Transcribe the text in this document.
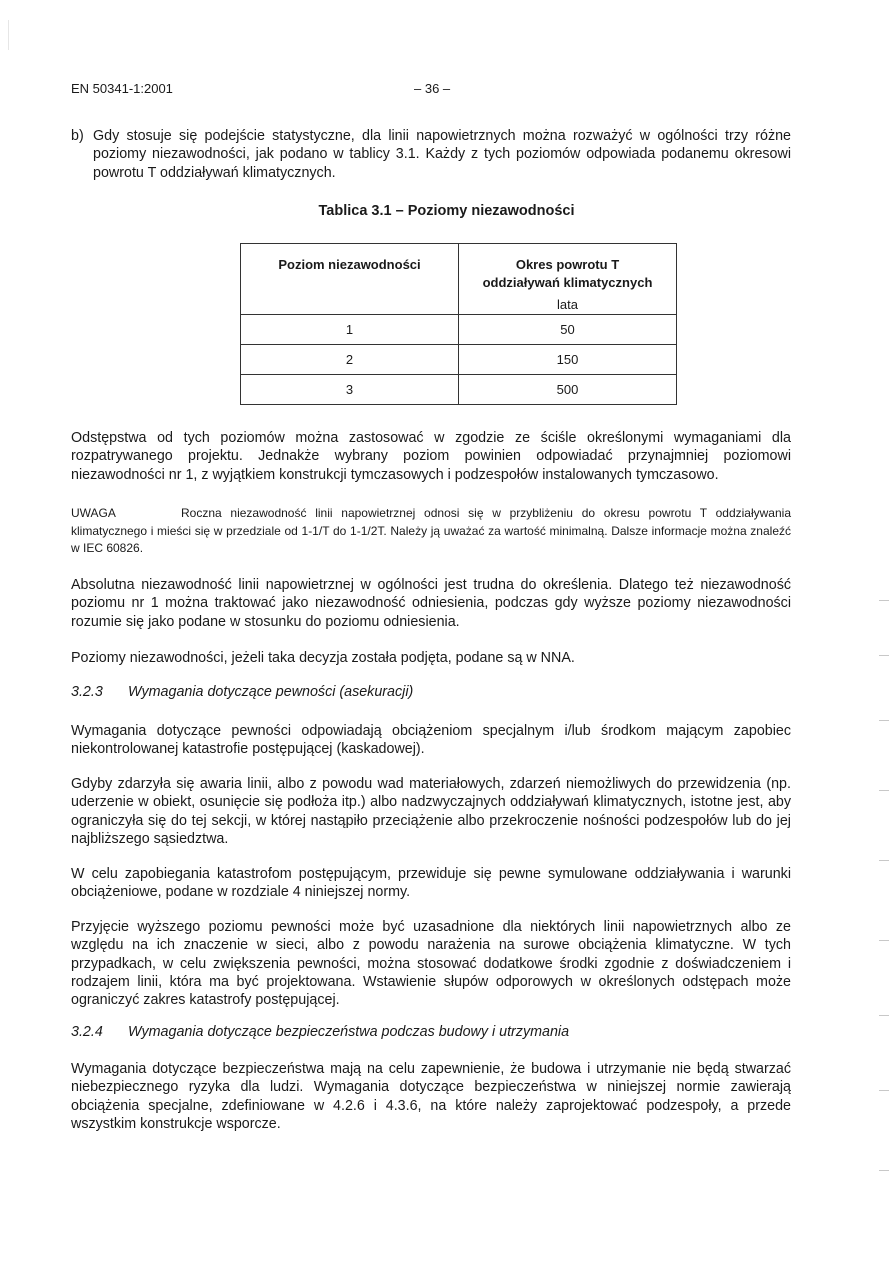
EN 50341-1:2001	– 36 –
b) Gdy stosuje się podejście statystyczne, dla linii napowietrznych można rozważyć w ogólności trzy różne poziomy niezawodności, jak podano w tablicy 3.1. Każdy z tych poziomów odpowiada podanemu okresowi powrotu T oddziaływań klimatycznych.
Tablica 3.1 – Poziomy niezawodności
Poziom niezawodności	Okres powrotu T
oddziaływań klimatycznych
lata

1	50
2	150
3	500
Odstępstwa od tych poziomów można zastosować w zgodzie ze ściśle określonymi wymaganiami dla rozpatrywanego projektu. Jednakże wybrany poziom powinien odpowiadać przynajmniej poziomowi niezawodności nr 1, z wyjątkiem konstrukcji tymczasowych i podzespołów instalowanych tymczasowo.
UWAGA	Roczna niezawodność linii napowietrznej odnosi się w przybliżeniu do okresu powrotu T oddziaływania klimatycznego i mieści się w przedziale od 1-1/T do 1-1/2T. Należy ją uważać za wartość minimalną. Dalsze informacje można znaleźć w IEC 60826.
Absolutna niezawodność linii napowietrznej w ogólności jest trudna do określenia. Dlatego też niezawodność poziomu nr 1 można traktować jako niezawodność odniesienia, podczas gdy wyższe poziomy niezawodności rozumie się jako podane w stosunku do poziomu odniesienia.
Poziomy niezawodności, jeżeli taka decyzja została podjęta, podane są w NNA.
3.2.3 Wymagania dotyczące pewności (asekuracji)
Wymagania dotyczące pewności odpowiadają obciążeniom specjalnym i/lub środkom mającym zapobiec niekontrolowanej katastrofie postępującej (kaskadowej).
Gdyby zdarzyła się awaria linii, albo z powodu wad materiałowych, zdarzeń niemożliwych do przewidzenia (np. uderzenie w obiekt, osunięcie się podłoża itp.) albo nadzwyczajnych oddziaływań klimatycznych, istotne jest, aby ograniczyła się do tej sekcji, w której nastąpiło przeciążenie albo przekroczenie nośności podzespołów lub do jej najbliższego sąsiedztwa.
W celu zapobiegania katastrofom postępującym, przewiduje się pewne symulowane oddziaływania i warunki obciążeniowe, podane w rozdziale 4 niniejszej normy.
Przyjęcie wyższego poziomu pewności może być uzasadnione dla niektórych linii napowietrznych albo ze względu na ich znaczenie w sieci, albo z powodu narażenia na surowe obciążenia klimatyczne. W tych przypadkach, w celu zwiększenia pewności, można stosować dodatkowe środki zgodnie z doświadczeniem i rodzajem linii, która ma być projektowana. Wstawienie słupów odporowych w określonych odstępach może ograniczyć zakres katastrofy postępującej.
3.2.4 Wymagania dotyczące bezpieczeństwa podczas budowy i utrzymania
Wymagania dotyczące bezpieczeństwa mają na celu zapewnienie, że budowa i utrzymanie nie będą stwarzać niebezpiecznego ryzyka dla ludzi. Wymagania dotyczące bezpieczeństwa w niniejszej normie zawierają obciążenia specjalne, zdefiniowane w 4.2.6 i 4.3.6, na które należy zaprojektować podzespoły, a przede wszystkim konstrukcje wsporcze.
